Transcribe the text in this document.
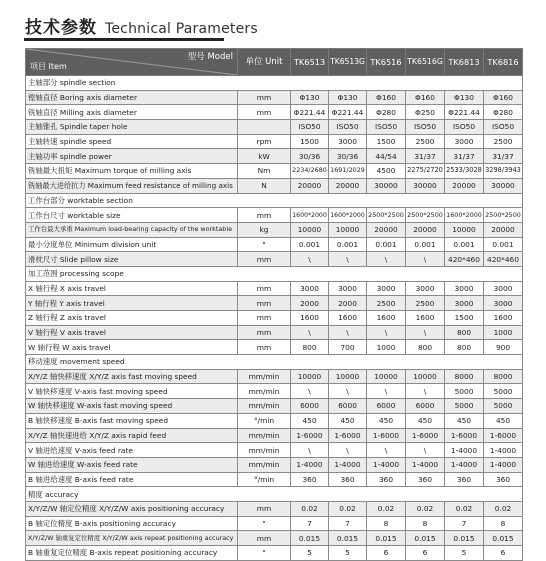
技术参数 Technical Parameters
型号 Model
项目 Item	单位 Unit	TK6513	TK6513G	TK6516	TK6516G	TK6813	TK6816
主轴部分 spindle section							
镗轴直径 Boring axis diameter	mm	Φ130	Φ130	Φ160	Φ160	Φ130	Φ160
铣轴直径 Milling axis diameter	mm	Φ221.44	Φ221.44	Φ280	Φ250	Φ221.44	Φ280
主轴锥孔 Spindle taper hole		ISO50	ISO50	ISO50	ISO50	ISO50	ISO50
主轴转速 spindle speed	rpm	1500	3000	1500	2500	3000	2500
主轴功率 spindle power	kW	30/36	30/36	44/54	31/37	31/37	31/37
铣轴最大扭矩 Maximum torque of milling axis	Nm	2234/2680	1691/2029	4500	2275/2720	2533/3028	3298/3943
铣轴最大进给抗力 Maximum feed resistance of milling axis	N	20000	20000	30000	30000	20000	30000
工作台部分 worktable section							
工作台尺寸 worktable size	mm	1600*2000	1600*2000	2500*2500	2500*2500	1600*2000	2500*2500
工作台最大承重 Maximum load-bearing capacity of the worktable	kg	10000	10000	20000	20000	10000	20000
最小分度单位 Minimum division unit	°	0.001	0.001	0.001	0.001	0.001	0.001
滑枕尺寸 Slide pillow size	mm	\	\	\	\	420*460	420*460
加工范围 processing scope							
X 轴行程 X axis travel	mm	3000	3000	3000	3000	3000	3000
Y 轴行程 Y axis travel	mm	2000	2000	2500	2500	3000	3000
Z 轴行程 Z axis travel	mm	1600	1600	1600	1600	1500	1600
V 轴行程 V axis travel	mm	\	\	\	\	800	1000
W 轴行程 W axis travel	mm	800	700	1000	800	800	900
移动速度 movement speed							
X/Y/Z 轴快移速度 X/Y/Z axis fast moving speed	mm/min	10000	10000	10000	10000	8000	8000
V 轴快移速度 V-axis fast moving speed	mm/min	\	\	\	\	5000	5000
W 轴快移速度 W-axis fast moving speed	mm/min	6000	6000	6000	6000	5000	5000
B 轴快移速度 B-axis fast moving speed	°/min	450	450	450	450	450	450
X/Y/Z 轴快速进给 X/Y/Z axis rapid feed	mm/min	1-6000	1-6000	1-6000	1-6000	1-6000	1-6000
V 轴进给速度 V-axis feed rate	mm/min	\	\	\	\	1-4000	1-4000
W 轴进给速度 W-axis feed rate	mm/min	1-4000	1-4000	1-4000	1-4000	1-4000	1-4000
B 轴进给速度 B-axis feed rate	°/min	360	360	360	360	360	360
精度 accuracy							
X/Y/Z/W 轴定位精度 X/Y/Z/W axis positioning accuracy	mm	0.02	0.02	0.02	0.02	0.02	0.02
B 轴定位精度 B-axis positioning accuracy	"	7	7	8	8	7	8
X/Y/Z/W 轴重复定位精度 X/Y/Z/W axis repeat positioning accuracy	mm	0.015	0.015	0.015	0.015	0.015	0.015
B 轴重复定位精度 B-axis repeat positioning accuracy	"	5	5	6	6	5	6
